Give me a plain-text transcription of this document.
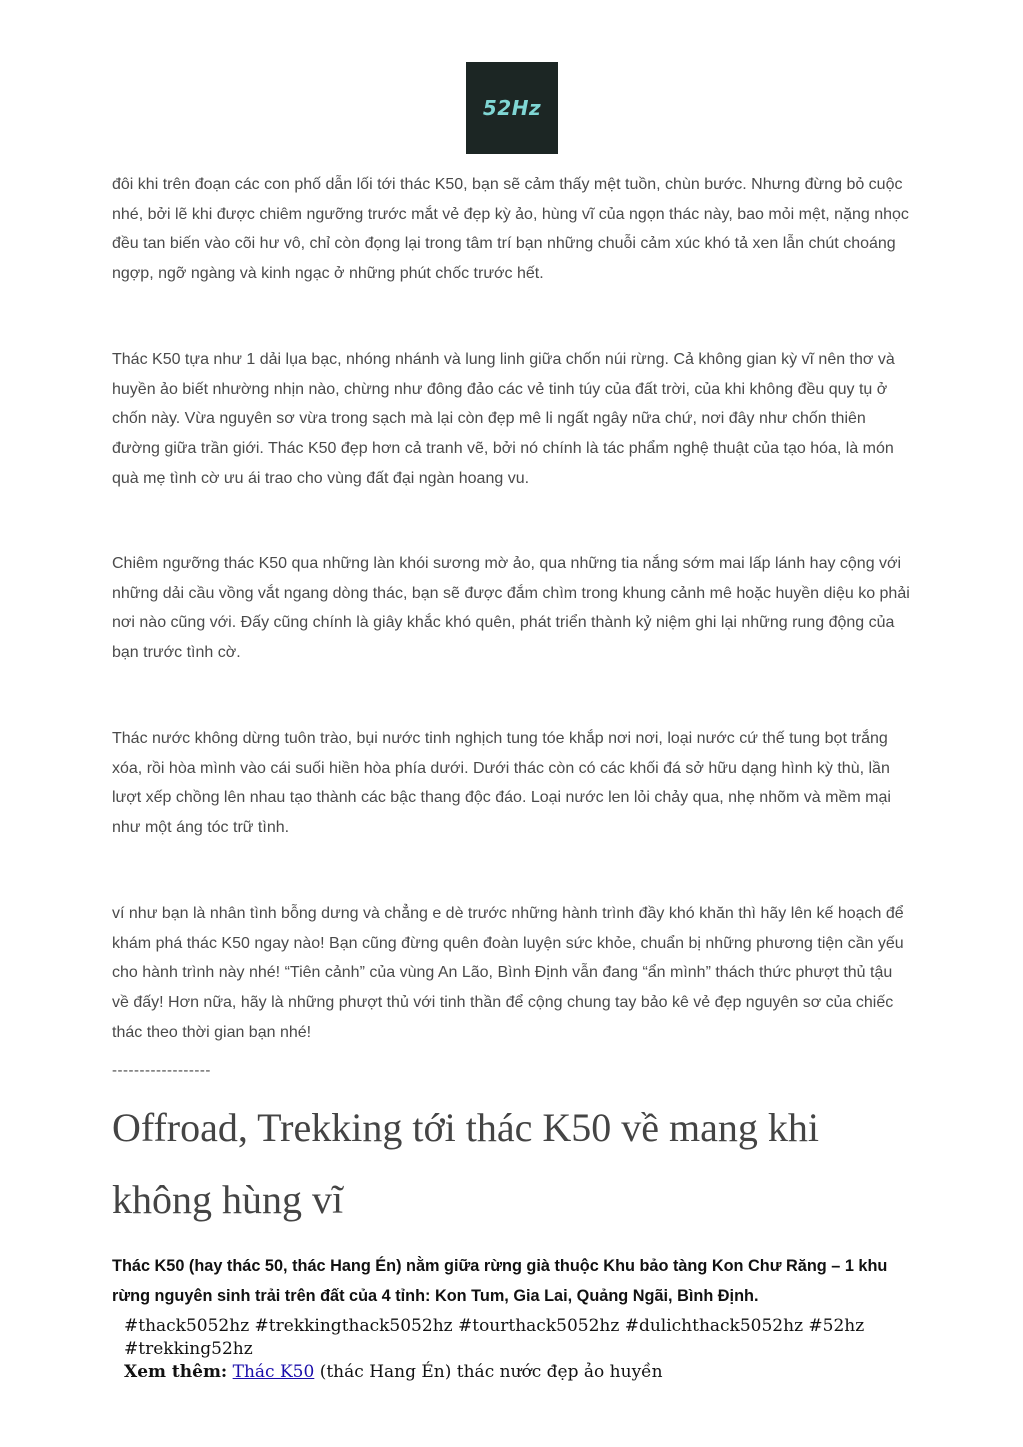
52Hz

đôi khi trên đoạn các con phố dẫn lối tới thác K50, bạn sẽ cảm thấy mệt tuồn, chùn bước. Nhưng đừng bỏ cuộc nhé, bởi lẽ khi được chiêm ngưỡng trước mắt vẻ đẹp kỳ ảo, hùng vĩ của ngọn thác này, bao mỏi mệt, nặng nhọc đều tan biến vào cõi hư vô, chỉ còn đọng lại trong tâm trí bạn những chuỗi cảm xúc khó tả xen lẫn chút choáng ngợp, ngỡ ngàng và kinh ngạc ở những phút chốc trước hết.

Thác K50 tựa như 1 dải lụa bạc, nhóng nhánh và lung linh giữa chốn núi rừng. Cả không gian kỳ vĩ nên thơ và huyền ảo biết nhường nhịn nào, chừng như đông đảo các vẻ tinh túy của đất trời, của khi không đều quy tụ ở chốn này. Vừa nguyên sơ vừa trong sạch mà lại còn đẹp mê li ngất ngây nữa chứ, nơi đây như chốn thiên đường giữa trần giới. Thác K50 đẹp hơn cả tranh vẽ, bởi nó chính là tác phẩm nghệ thuật của tạo hóa, là món quà mẹ tình cờ ưu ái trao cho vùng đất đại ngàn hoang vu.

Chiêm ngưỡng thác K50 qua những làn khói sương mờ ảo, qua những tia nắng sớm mai lấp lánh hay cộng với những dải cầu vồng vắt ngang dòng thác, bạn sẽ được đắm chìm trong khung cảnh mê hoặc huyền diệu ko phải nơi nào cũng với. Đấy cũng chính là giây khắc khó quên, phát triển thành kỷ niệm ghi lại những rung động của bạn trước tình cờ.

Thác nước không dừng tuôn trào, bụi nước tinh nghịch tung tóe khắp nơi nơi, loại nước cứ thế tung bọt trắng xóa, rồi hòa mình vào cái suối hiền hòa phía dưới. Dưới thác còn có các khối đá sở hữu dạng hình kỳ thù, lần lượt xếp chồng lên nhau tạo thành các bậc thang độc đáo. Loại nước len lỏi chảy qua, nhẹ nhõm và mềm mại như một áng tóc trữ tình.

ví như bạn là nhân tình bỗng dưng và chẳng e dè trước những hành trình đầy khó khăn thì hãy lên kế hoạch để khám phá thác K50 ngay nào! Bạn cũng đừng quên đoàn luyện sức khỏe, chuẩn bị những phương tiện cần yếu cho hành trình này nhé! “Tiên cảnh” của vùng An Lão, Bình Định vẫn đang “ẩn mình” thách thức phượt thủ tậu về đấy! Hơn nữa, hãy là những phượt thủ với tinh thần để cộng chung tay bảo kê vẻ đẹp nguyên sơ của chiếc thác theo thời gian bạn nhé!

------------------

Offroad, Trekking tới thác K50 về mang khi không hùng vĩ

Thác K50 (hay thác 50, thác Hang Én) nằm giữa rừng già thuộc Khu bảo tàng Kon Chư Răng – 1 khu rừng nguyên sinh trải trên đất của 4 tỉnh: Kon Tum, Gia Lai, Quảng Ngãi, Bình Định.

#thack5052hz #trekkingthack5052hz #tourthack5052hz #dulichthack5052hz #52hz #trekking52hz

Xem thêm: Thác K50 (thác Hang Én) thác nước đẹp ảo huyền
